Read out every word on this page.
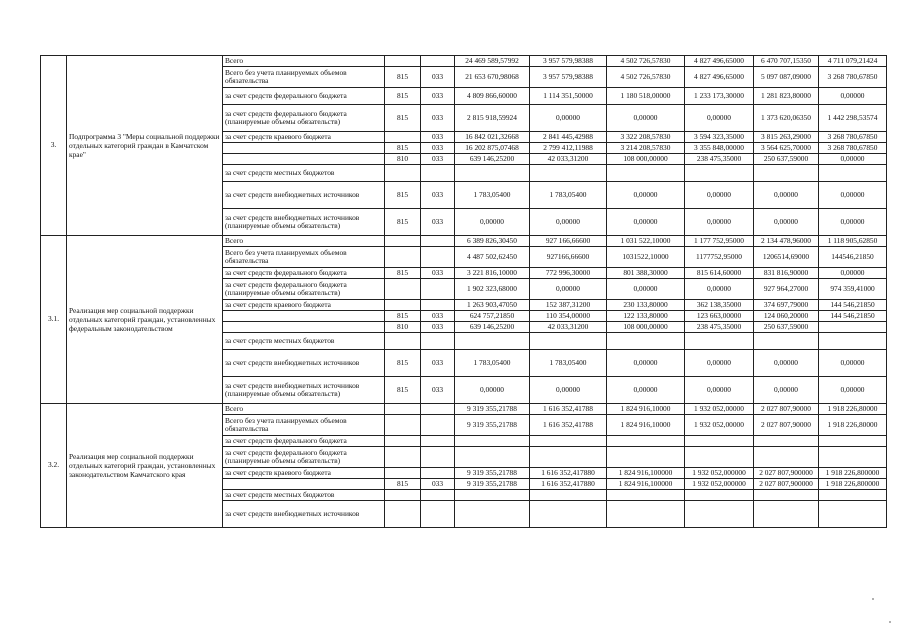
3.	Подпрограмма 3 "Меры социальной поддержки отдельных категорий граждан в Камчатском крае"	Всего			24 469 589,57992	3 957 579,98388	4 502 726,57830	4 827 496,65000	6 470 707,15350	4 711 079,21424
		Всего без учета планируемых объемов обязательства	815	033	21 653 670,98068	3 957 579,98388	4 502 726,57830	4 827 496,65000	5 097 087,09000	3 268 780,67850
		за счет средств федерального бюджета	815	033	4 809 866,60000	1 114 351,50000	1 180 518,00000	1 233 173,30000	1 281 823,80000	0,00000
		за счет средств федерального бюджета (планируемые объемы обязательств)	815	033	2 815 918,59924	0,00000	0,00000	0,00000	1 373 620,06350	1 442 298,53574
		за счет средств краевого бюджета		033	16 842 021,32668	2 841 445,42988	3 322 208,57830	3 594 323,35000	3 815 263,29000	3 268 780,67850
			815	033	16 202 875,07468	2 799 412,11988	3 214 208,57830	3 355 848,00000	3 564 625,70000	3 268 780,67850
			810	033	639 146,25200	42 033,31200	108 000,00000	238 475,35000	250 637,59000	0,00000
		за счет средств местных бюджетов								
		за счет средств внебюджетных источников	815	033	1 783,05400	1 783,05400	0,00000	0,00000	0,00000	0,00000
		за счет средств внебюджетных источников (планируемые объемы обязательств)	815	033	0,00000	0,00000	0,00000	0,00000	0,00000	0,00000
3.1.	Реализация мер социальной поддержки отдельных категорий граждан, установленных федеральным законодательством	Всего			6 389 826,30450	927 166,66600	1 031 522,10000	1 177 752,95000	2 134 478,96000	1 118 905,62850
		Всего без учета планируемых объемов обязательства			4 487 502,62450	927166,66600	1031522,10000	1177752,95000	1206514,69000	144546,21850
		за счет средств федерального бюджета	815	033	3 221 816,10000	772 996,30000	801 388,30000	815 614,60000	831 816,90000	0,00000
		за счет средств федерального бюджета (планируемые объемы обязательств)			1 902 323,68000	0,00000	0,00000	0,00000	927 964,27000	974 359,41000
		за счет средств краевого бюджета			1 263 903,47050	152 387,31200	230 133,80000	362 138,35000	374 697,79000	144 546,21850
			815	033	624 757,21850	110 354,00000	122 133,80000	123 663,00000	124 060,20000	144 546,21850
			810	033	639 146,25200	42 033,31200	108 000,00000	238 475,35000	250 637,59000	
		за счет средств местных бюджетов								
		за счет средств внебюджетных источников	815	033	1 783,05400	1 783,05400	0,00000	0,00000	0,00000	0,00000
		за счет средств внебюджетных источников (планируемые объемы обязательств)	815	033	0,00000	0,00000	0,00000	0,00000	0,00000	0,00000
3.2.	Реализация мер социальной поддержки отдельных категорий граждан, установленных законодательством Камчатского края	Всего			9 319 355,21788	1 616 352,41788	1 824 916,10000	1 932 052,00000	2 027 807,90000	1 918 226,80000
		Всего без учета планируемых объемов обязательства			9 319 355,21788	1 616 352,41788	1 824 916,10000	1 932 052,00000	2 027 807,90000	1 918 226,80000
		за счет средств федерального бюджета								
		за счет средств федерального бюджета (планируемые объемы обязательств)								
		за счет средств краевого бюджета			9 319 355,21788	1 616 352,417880	1 824 916,100000	1 932 052,000000	2 027 807,900000	1 918 226,800000
			815	033	9 319 355,21788	1 616 352,417880	1 824 916,100000	1 932 052,000000	2 027 807,900000	1 918 226,800000
		за счет средств местных бюджетов								
		за счет средств внебюджетных источников								
